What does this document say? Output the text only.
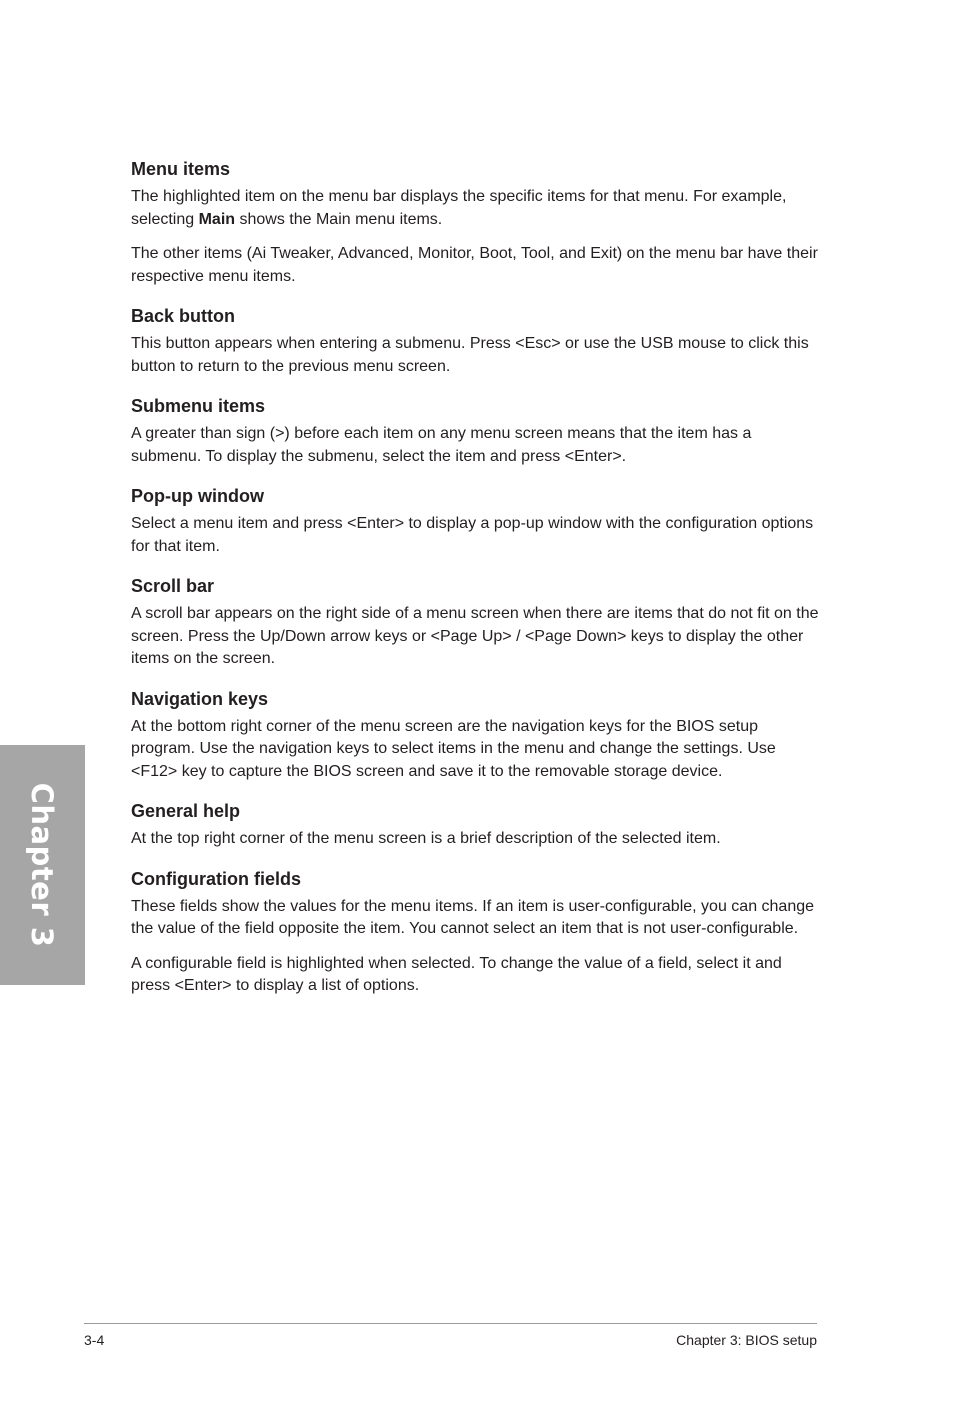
Menu items

The highlighted item on the menu bar displays the specific items for that menu. For example, selecting Main shows the Main menu items.

The other items (Ai Tweaker, Advanced, Monitor, Boot, Tool, and Exit) on the menu bar have their respective menu items.

Back button

This button appears when entering a submenu. Press <Esc> or use the USB mouse to click this button to return to the previous menu screen.

Submenu items

A greater than sign (>) before each item on any menu screen means that the item has a submenu. To display the submenu, select the item and press <Enter>.

Pop-up window

Select a menu item and press <Enter> to display a pop-up window with the configuration options for that item.

Scroll bar

A scroll bar appears on the right side of a menu screen when there are items that do not fit on the screen. Press the Up/Down arrow keys or <Page Up> / <Page Down> keys to display the other items on the screen.

Navigation keys

At the bottom right corner of the menu screen are the navigation keys for the BIOS setup program. Use the navigation keys to select items in the menu and change the settings. Use <F12> key to capture the BIOS screen and save it to the removable storage device.

General help

At the top right corner of the menu screen is a brief description of the selected item.

Configuration fields

These fields show the values for the menu items. If an item is user-configurable, you can change the value of the field opposite the item. You cannot select an item that is not user-configurable.

A configurable field is highlighted when selected. To change the value of a field, select it and press <Enter> to display a list of options.

Chapter 3
3-4	Chapter 3: BIOS setup
